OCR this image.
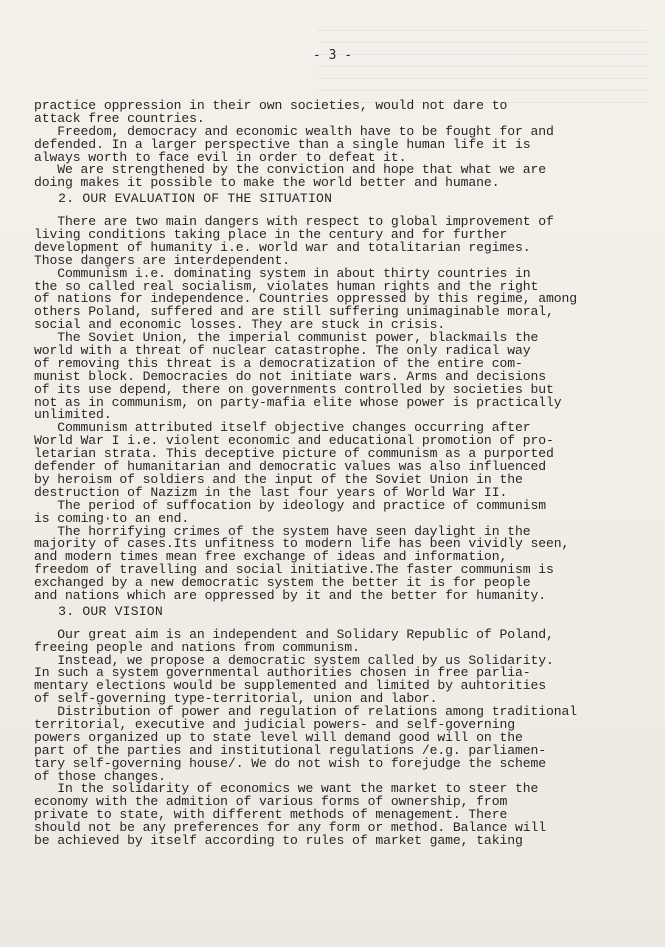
- 3 -
practice oppression in their own societies, would not dare to
attack free countries.
Freedom, democracy and economic wealth have to be fought for and
defended. In a larger perspective than a single human life it is
always worth to face evil in order to defeat it.
We are strengthened by the conviction and hope that what we are
doing makes it possible to make the world better and humane.
2. OUR EVALUATION OF THE SITUATION
There are two main dangers with respect to global improvement of
living conditions taking place in the century and for further
development of humanity i.e. world war and totalitarian regimes.
Those dangers are interdependent.
Communism i.e. dominating system in about thirty countries in
the so called real socialism, violates human rights and the right
of nations for independence. Countries oppressed by this regime, among
others Poland, suffered and are still suffering unimaginable moral,
social and economic losses. They are stuck in crisis.
The Soviet Union, the imperial communist power, blackmails the
world with a threat of nuclear catastrophe. The only radical way
of removing this threat is a democratization of the entire com-
munist block. Democracies do not initiate wars. Arms and decisions
of its use depend, there on governments controlled by societies but
not as in communism, on party-mafia elite whose power is practically
unlimited.
Communism attributed itself objective changes occurring after
World War I i.e. violent economic and educational promotion of pro-
letarian strata. This deceptive picture of communism as a purported
defender of humanitarian and democratic values was also influenced
by heroism of soldiers and the input of the Soviet Union in the
destruction of Nazizm in the last four years of World War II.
The period of suffocation by ideology and practice of communism
is coming·to an end.
The horrifying crimes of the system have seen daylight in the
majority of cases.Its unfitness to modern life has been vividly seen,
and modern times mean free exchange of ideas and information,
freedom of travelling and social initiative.The faster communism is
exchanged by a new democratic system the better it is for people
and nations which are oppressed by it and the better for humanity.
3. OUR VISION
Our great aim is an independent and Solidary Republic of Poland,
freeing people and nations from communism.
Instead, we propose a democratic system called by us Solidarity.
In such a system governmental authorities chosen in free parlia-
mentary elections would be supplemented and limited by auhtorities
of self-governing type-territorial, union and labor.
Distribution of power and regulation of relations among traditional
territorial, executive and judicial powers- and self-governing
powers organized up to state level will demand good will on the
part of the parties and institutional regulations /e.g. parliamen-
tary self-governing house/. We do not wish to forejudge the scheme
of those changes.
In the solidarity of economics we want the market to steer the
economy with the admition of various forms of ownership, from
private to state, with different methods of menagement. There
should not be any preferences for any form or method. Balance will
be achieved by itself according to rules of market game, taking
